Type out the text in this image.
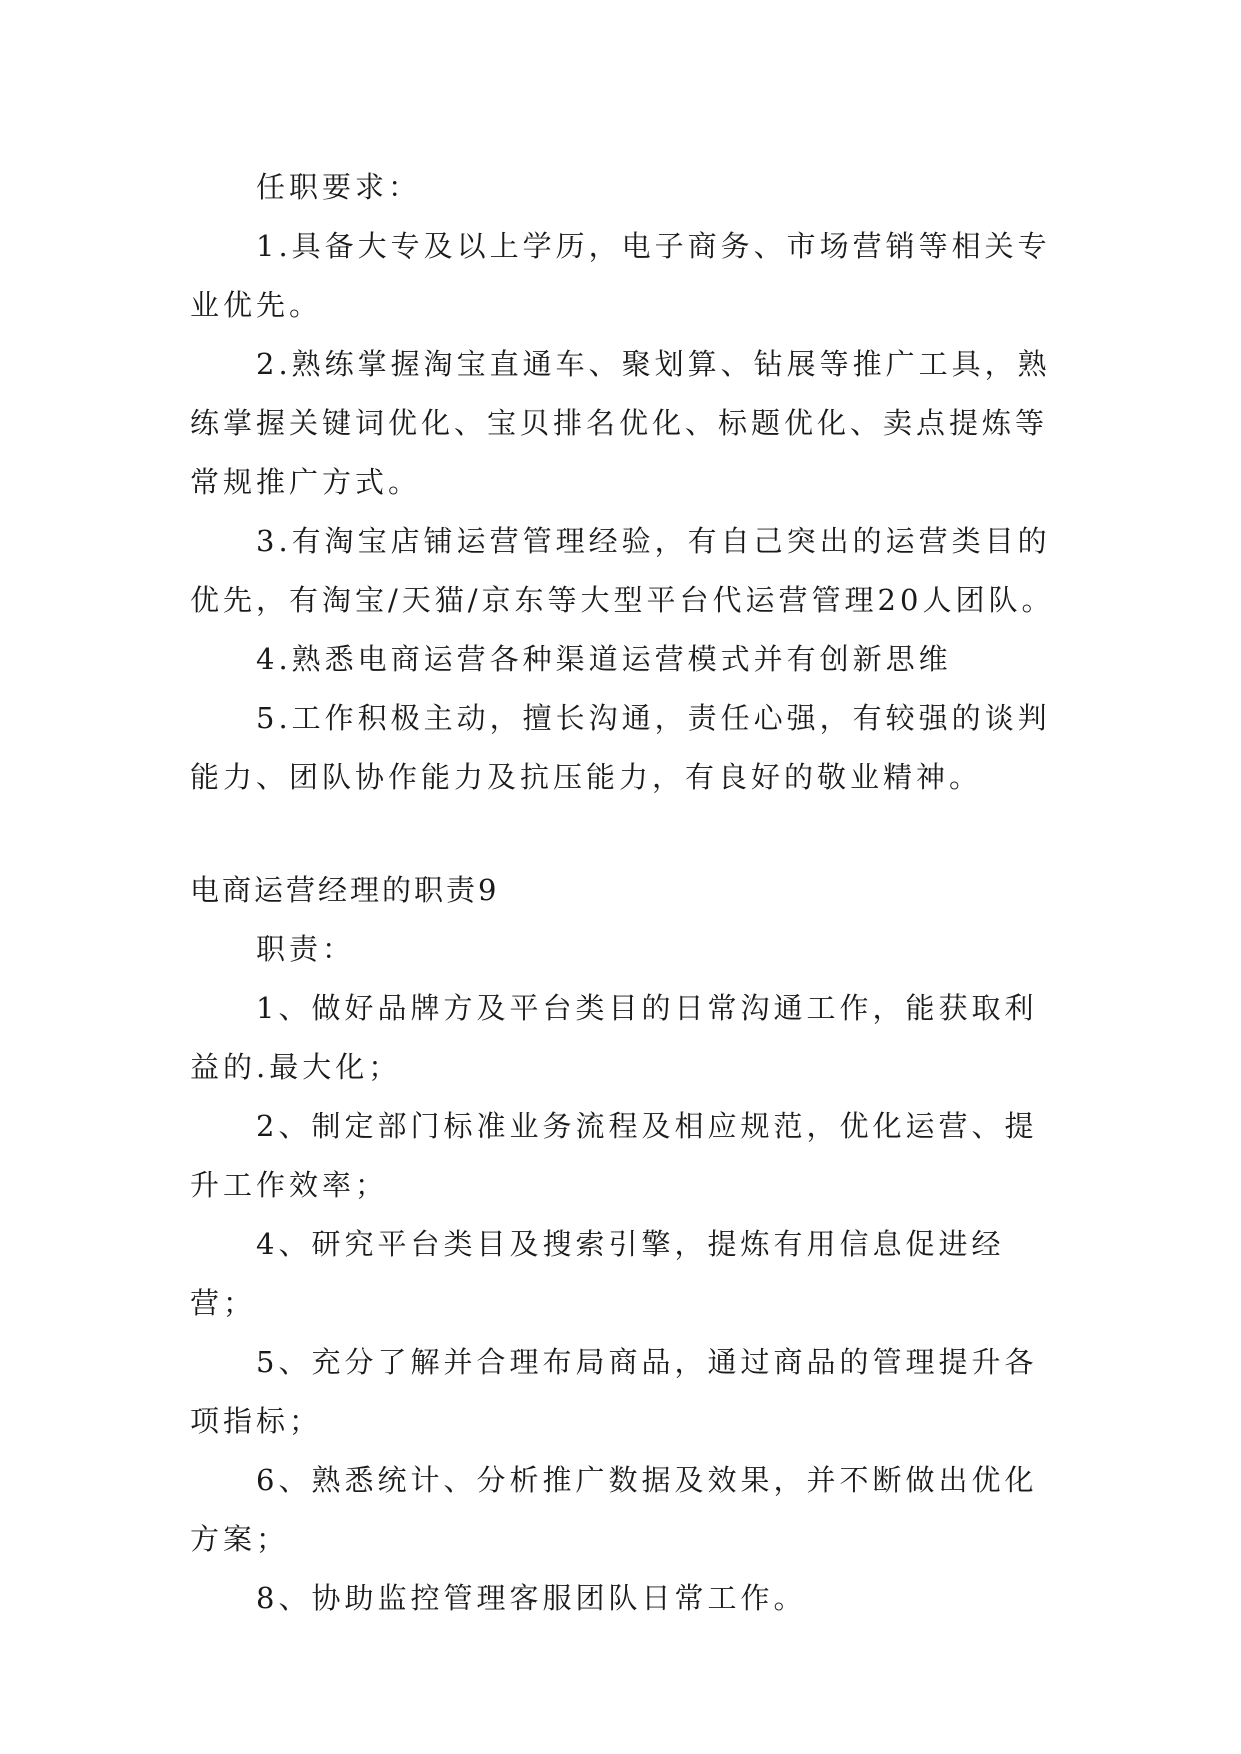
任职要求：

1.具备大专及以上学历，电子商务、市场营销等相关专业优先。

2.熟练掌握淘宝直通车、聚划算、钻展等推广工具，熟练掌握关键词优化、宝贝排名优化、标题优化、卖点提炼等常规推广方式。

3.有淘宝店铺运营管理经验，有自己突出的运营类目的优先，有淘宝/天猫/京东等大型平台代运营管理20人团队。

4.熟悉电商运营各种渠道运营模式并有创新思维

5.工作积极主动，擅长沟通，责任心强，有较强的谈判能力、团队协作能力及抗压能力，有良好的敬业精神。

电商运营经理的职责9

职责：

1、做好品牌方及平台类目的日常沟通工作，能获取利益的.最大化；

2、制定部门标准业务流程及相应规范，优化运营、提升工作效率；

4、研究平台类目及搜索引擎，提炼有用信息促进经营；

5、充分了解并合理布局商品，通过商品的管理提升各项指标；

6、熟悉统计、分析推广数据及效果，并不断做出优化方案；

8、协助监控管理客服团队日常工作。
